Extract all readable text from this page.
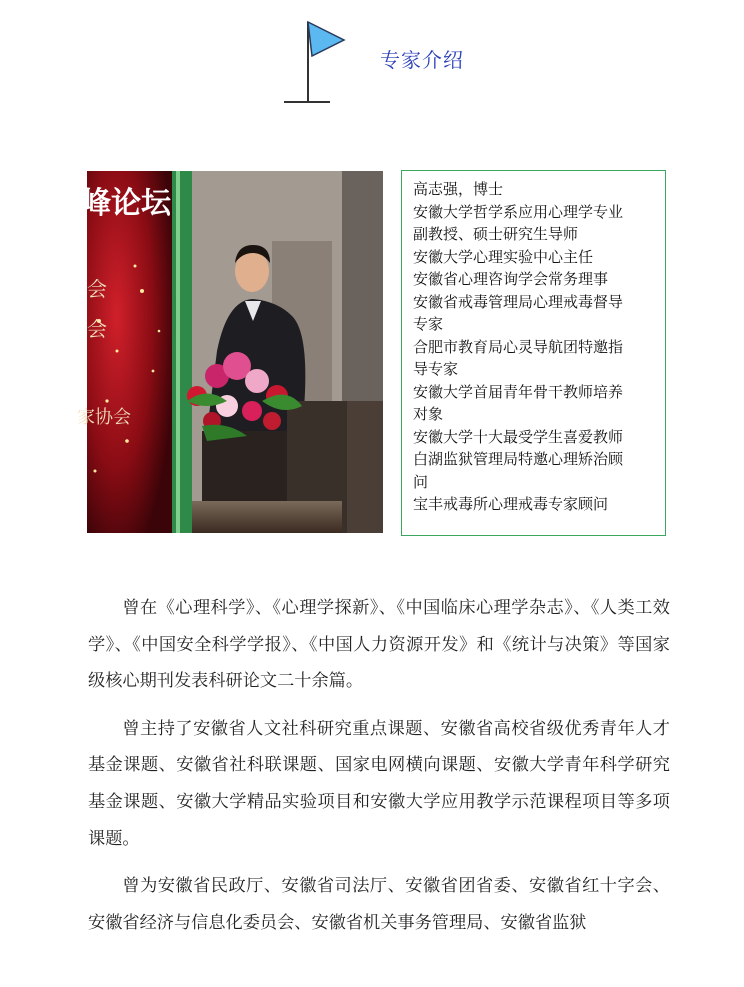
专家介绍
峰论坛
会
会
家协会
高志强，博士
安徽大学哲学系应用心理学专业
副教授、硕士研究生导师
安徽大学心理实验中心主任
安徽省心理咨询学会常务理事
安徽省戒毒管理局心理戒毒督导
专家
合肥市教育局心灵导航团特邀指
导专家
安徽大学首届青年骨干教师培养
对象
安徽大学十大最受学生喜爱教师
白湖监狱管理局特邀心理矫治顾
问
宝丰戒毒所心理戒毒专家顾问

曾在《心理科学》、《心理学探新》、《中国临床心理学杂志》、《人类工效学》、《中国安全科学学报》、《中国人力资源开发》和《统计与决策》等国家级核心期刊发表科研论文二十余篇。

曾主持了安徽省人文社科研究重点课题、安徽省高校省级优秀青年人才基金课题、安徽省社科联课题、国家电网横向课题、安徽大学青年科学研究基金课题、安徽大学精品实验项目和安徽大学应用教学示范课程项目等多项课题。

曾为安徽省民政厅、安徽省司法厅、安徽省团省委、安徽省红十字会、安徽省经济与信息化委员会、安徽省机关事务管理局、安徽省监狱
